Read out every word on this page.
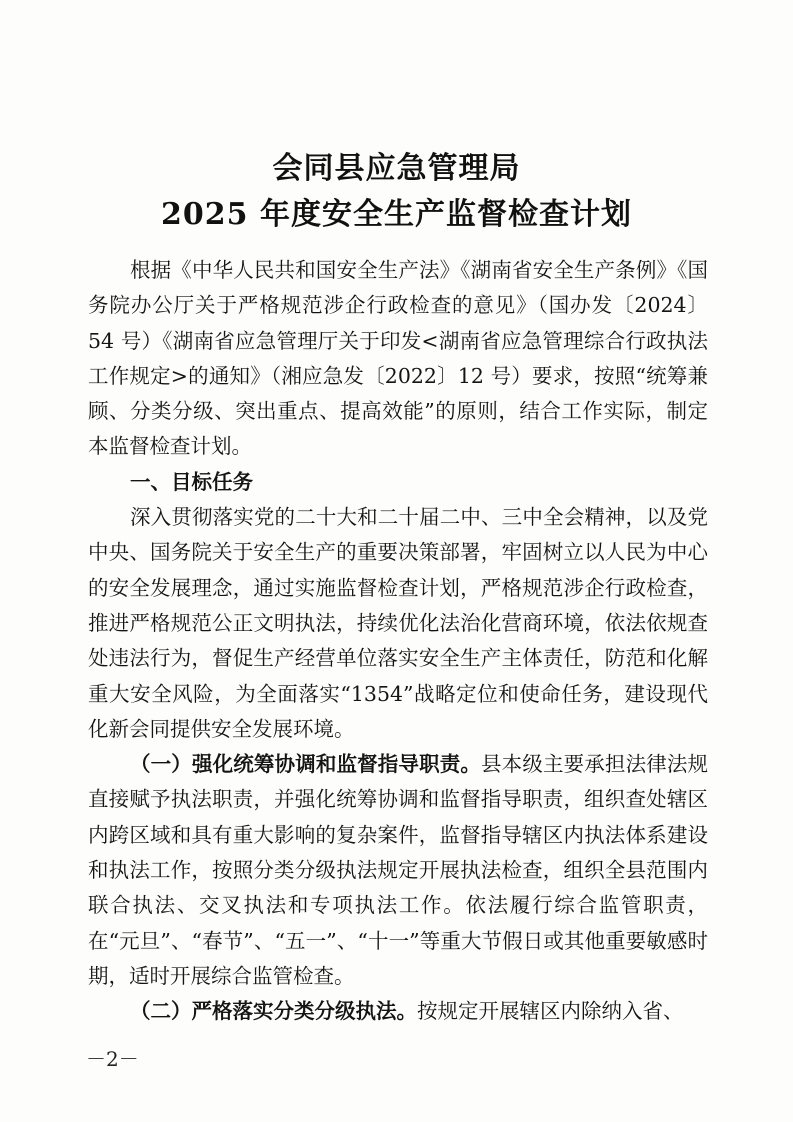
会同县应急管理局
2025 年度安全生产监督检查计划

根据《中华人民共和国安全生产法》《湖南省安全生产条例》《国务院办公厅关于严格规范涉企行政检查的意见》（国办发〔2024〕54 号）《湖南省应急管理厅关于印发<湖南省应急管理综合行政执法工作规定>的通知》（湘应急发〔2022〕12 号）要求，按照“统筹兼顾、分类分级、突出重点、提高效能”的原则，结合工作实际，制定本监督检查计划。

一、目标任务

深入贯彻落实党的二十大和二十届二中、三中全会精神，以及党中央、国务院关于安全生产的重要决策部署，牢固树立以人民为中心的安全发展理念，通过实施监督检查计划，严格规范涉企行政检查，推进严格规范公正文明执法，持续优化法治化营商环境，依法依规查处违法行为，督促生产经营单位落实安全生产主体责任，防范和化解重大安全风险，为全面落实“1354”战略定位和使命任务，建设现代化新会同提供安全发展环境。

（一）强化统筹协调和监督指导职责。县本级主要承担法律法规直接赋予执法职责，并强化统筹协调和监督指导职责，组织查处辖区内跨区域和具有重大影响的复杂案件，监督指导辖区内执法体系建设和执法工作，按照分类分级执法规定开展执法检查，组织全县范围内联合执法、交叉执法和专项执法工作。依法履行综合监管职责，在“元旦”、“春节”、“五一”、“十一”等重大节假日或其他重要敏感时期，适时开展综合监管检查。

（二）严格落实分类分级执法。按规定开展辖区内除纳入省、

－2－
